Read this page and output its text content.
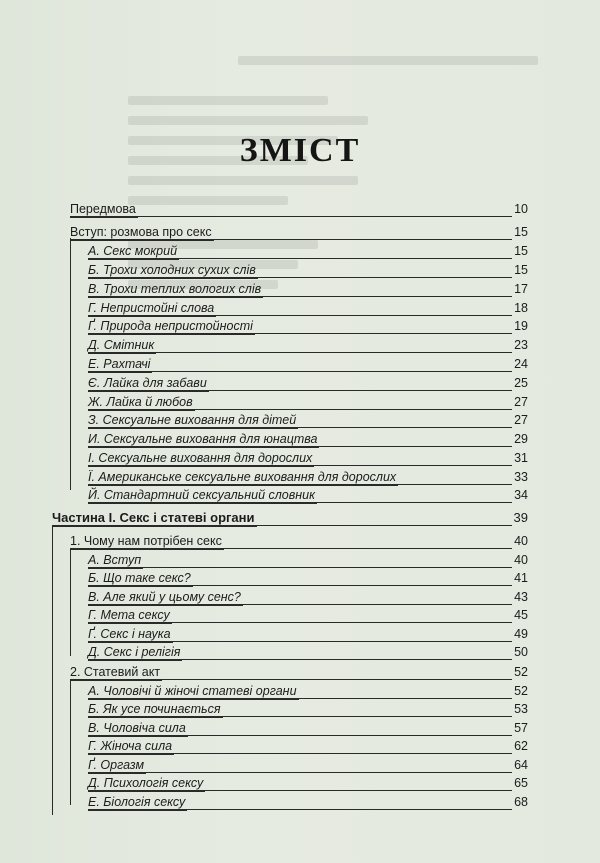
ЗМІСТ
Передмова	10
Вступ: розмова про секс	15
А. Секс мокрий	15
Б. Трохи холодних сухих слів	15
В. Трохи теплих вологих слів	17
Г. Непристойні слова	18
Ґ. Природа непристойності	19
Д. Смітник	23
Е. Рахтачі	24
Є. Лайка для забави	25
Ж. Лайка й любов	27
З. Сексуальне виховання для дітей	27
И. Сексуальне виховання для юнацтва	29
І. Сексуальне виховання для дорослих	31
Ї. Американське сексуальне виховання для дорослих	33
Й. Стандартний сексуальний словник	34
Частина І. Секс і статеві органи	39
1. Чому нам потрібен секс	40
А. Вступ	40
Б. Що таке секс?	41
В. Але який у цьому сенс?	43
Г. Мета сексу	45
Ґ. Секс і наука	49
Д. Секс і релігія	50
2. Статевий акт	52
А. Чоловічі й жіночі статеві органи	52
Б. Як усе починається	53
В. Чоловіча сила	57
Г. Жіноча сила	62
Ґ. Оргазм	64
Д. Психологія сексу	65
Е. Біологія сексу	68
